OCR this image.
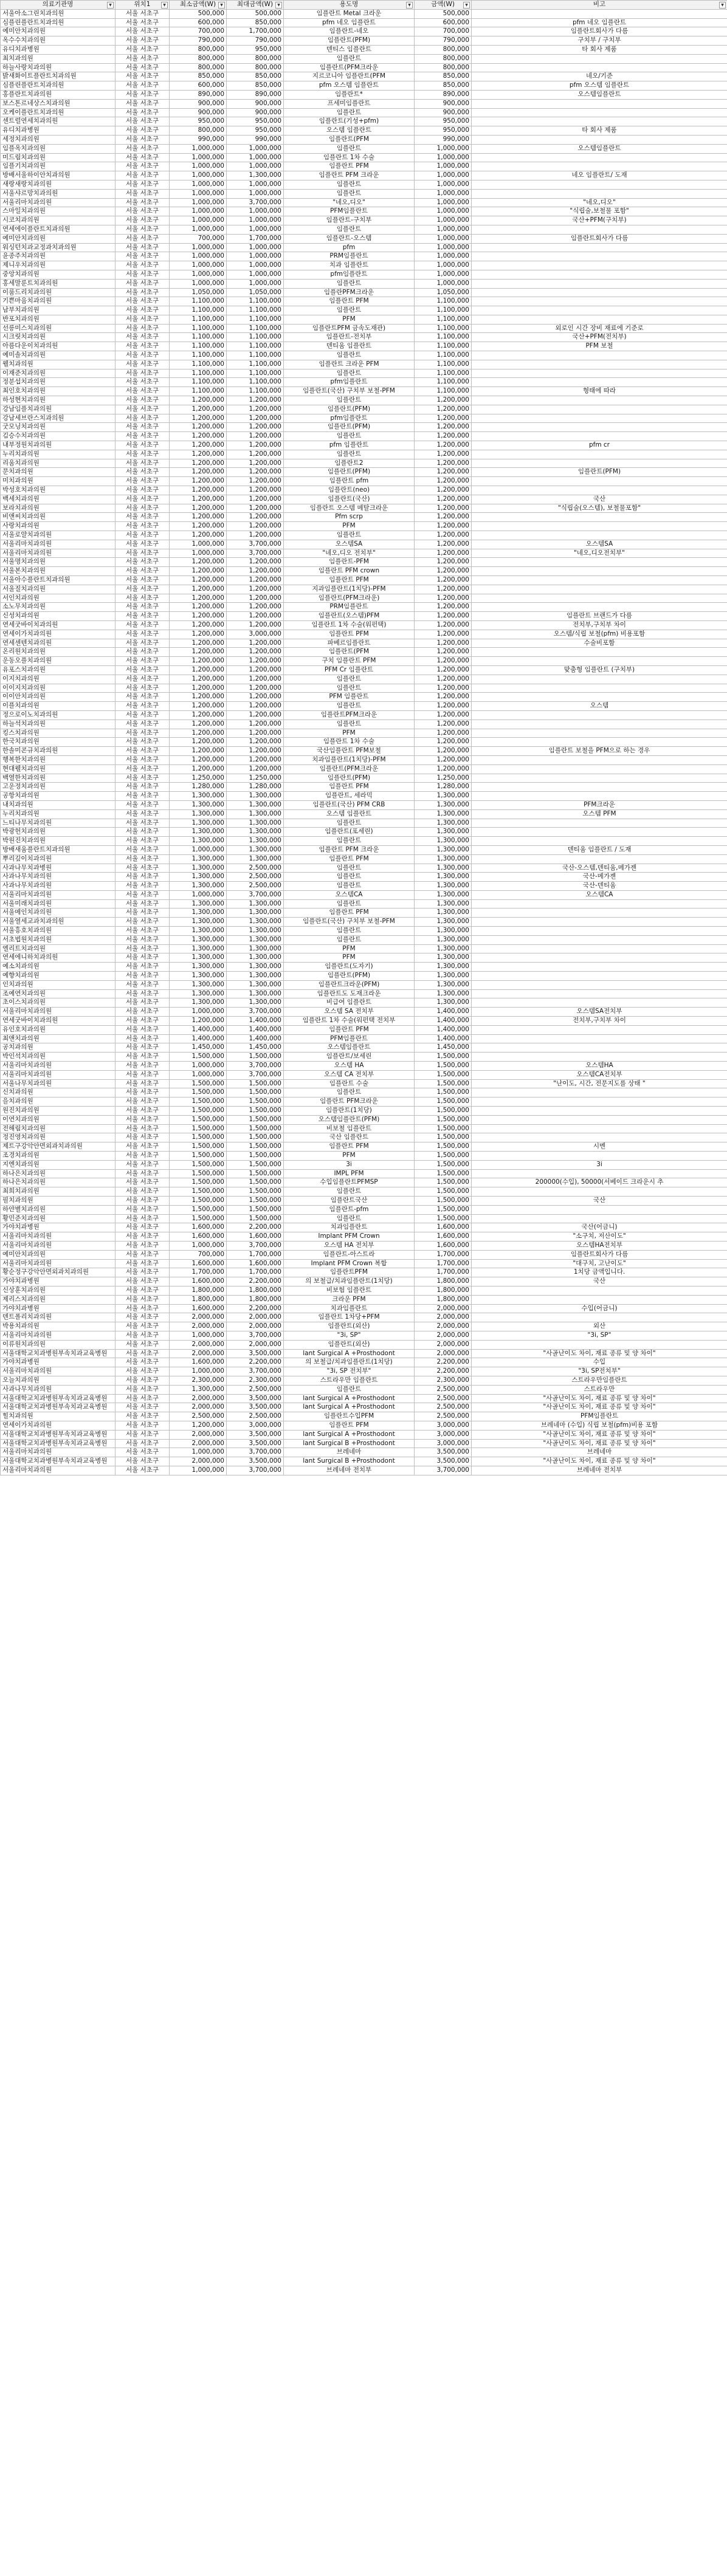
의료기관명 ▼	위치1 ▼	최소금액(W) ▼	최대금액(W) ▼	용도명 ▼	금액(W) ▼	비고 ▼

서울아소그린치과의원	서울 서초구	500,000	500,000	임플란트 Metal 크라운	500,000	
심플린플란트치과의원	서울 서초구	600,000	850,000	pfm 네오 임플란트	600,000	pfm 네오 임플란트
예미안치과의원	서울 서초구	700,000	1,700,000	임플란트-네오	700,000	임플란트회사가 다름
옥수수치과의원	서울 서초구	790,000	790,000	임플란트(PFM)	790,000	구치부 / 구치부
유디치과병원	서울 서초구	800,000	950,000	덴티스 임플란트	800,000	타 회사 제품
최치과의원	서울 서초구	800,000	800,000	임플란트	800,000	
하늘사랑치과의원	서울 서초구	800,000	800,000	임플란트(PFM크라운	800,000	
밝새화이트플란트치과의원	서울 서초구	850,000	850,000	지르코니아 임플란트(PFM	850,000	네오/기준
심플린플란트치과의원	서울 서초구	600,000	850,000	pfm 오스템 임플란트	850,000	pfm 오스템 임플란트
홍플란트치과의원	서울 서초구	890,000	890,000	임플란트*	890,000	오스템임플란트
보스톤르네상스치과의원	서울 서초구	900,000	900,000	프세미임플란트	900,000	
오케이플란트치과의원	서울 서초구	900,000	900,000	임플란트	900,000	
센트럴연세치과의원	서울 서초구	950,000	950,000	임플란트(기성+pfm)	950,000	
유디치과병원	서울 서초구	800,000	950,000	오스템 임플란트	950,000	타 회사 제품
세정치과의원	서울 서초구	990,000	990,000	임플란트(PFM	990,000	
임플옥치과의원	서울 서초구	1,000,000	1,000,000	임플란트	1,000,000	오스템임플란트
미드림치과의원	서울 서초구	1,000,000	1,000,000	임플란트 1차 수술	1,000,000	
임플기치과의원	서울 서초구	1,000,000	1,000,000	임플란트 PFM	1,000,000	
방배서울하이안치과의원	서울 서초구	1,000,000	1,300,000	임플란트 PFM 크라운	1,000,000	네오 임플란트/ 도재
새랑새랑치과의원	서울 서초구	1,000,000	1,000,000	임플란트	1,000,000	
서울샤르망치과의원	서울 서초구	1,000,000	1,000,000	임플란트	1,000,000	
서울리마치과의원	서울 서초구	1,000,000	3,700,000	"네오,디오"	1,000,000	"네오,디오"
스마일치과의원	서울 서초구	1,000,000	1,000,000	PFM임플란트	1,000,000	"식립술,보철물 포함"
시코치과의원	서울 서초구	1,000,000	1,000,000	임플란트-구치부	1,000,000	국산+PFM(구치부)
연세에이플란트치과의원	서울 서초구	1,000,000	1,000,000	임플란트	1,000,000	
예미안치과의원	서울 서초구	700,000	1,700,000	임플란트-오스템	1,000,000	임플란트회사가 다름
워싱턴치과교정과치과의원	서울 서초구	1,000,000	1,000,000	pfm	1,000,000	
윤종주치과의원	서울 서초구	1,000,000	1,000,000	PRM임플란트	1,000,000	
제니우치과의원	서울 서초구	1,000,000	1,000,000	치과 임플란트	1,000,000	
중앙치과의원	서울 서초구	1,000,000	1,000,000	pfm임플란트	1,000,000	
홍세말룬트치과의원	서울 서초구	1,000,000	1,000,000	임플란트	1,000,000	
이룸드리치과의원	서울 서초구	1,050,000	1,050,000	임플란PFM크라운	1,050,000	
기쁜마음치과의원	서울 서초구	1,100,000	1,100,000	임플란트 PFM	1,100,000	
남부치과의원	서울 서초구	1,100,000	1,100,000	임플란트	1,100,000	
반포치과의원	서울 서초구	1,100,000	1,100,000	PFM	1,100,000	
선릉미스치과의원	서울 서초구	1,100,000	1,100,000	임플란트PFM 금속도재관)	1,100,000	외로인 시간 장비 재료에 기준로
시크릿치과의원	서울 서초구	1,100,000	1,100,000	임플란트-전치부	1,100,000	국산+PFM(전치부)
아름다운이치과의원	서울 서초구	1,100,000	1,100,000	덴티움 임플란트	1,100,000	PFM 보철
예미솔치과의원	서울 서초구	1,100,000	1,100,000	임플란트	1,100,000	
웰치과의원	서울 서초구	1,100,000	1,100,000	임플란트 크라운 PFM	1,100,000	
이재준치과의원	서울 서초구	1,100,000	1,100,000	임플란트	1,100,000	
정분섭치과의원	서울 서초구	1,100,000	1,100,000	pfm임플란트	1,100,000	
최인호치과의원	서울 서초구	1,100,000	1,100,000	임플란트(국산) 구치부 보철-PFM	1,100,000	형태에 따라
하성현치과의원	서울 서초구	1,200,000	1,200,000	임플란트	1,200,000	
강남임플치과의원	서울 서초구	1,200,000	1,200,000	임플란트(PFM)	1,200,000	
강남세브란스치과의원	서울 서초구	1,200,000	1,200,000	pfm임플란트	1,200,000	
굿모닝치과의원	서울 서초구	1,200,000	1,200,000	임플란트(PFM)	1,200,000	
김승수치과의원	서울 서초구	1,200,000	1,200,000	임플란트	1,200,000	
내부정원치과의원	서울 서초구	1,200,000	1,200,000	pfm 임플란트	1,200,000	pfm cr
누리치과의원	서울 서초구	1,200,000	1,200,000	임플란트	1,200,000	
리움치과의원	서울 서초구	1,200,000	1,200,000	임플란트2	1,200,000	
문치과의원	서울 서초구	1,200,000	1,200,000	임플란트(PFM)	1,200,000	임플란트(PFM)
미치과의원	서울 서초구	1,200,000	1,200,000	임플란트 pfm	1,200,000	
박성호치과의원	서울 서초구	1,200,000	1,200,000	임플란트(neo)	1,200,000	
백세치과의원	서울 서초구	1,200,000	1,200,000	임플란트(국산)	1,200,000	국산
보라치과의원	서울 서초구	1,200,000	1,200,000	임플란트 오스템 메탈크라운	1,200,000	"식립술(오스템), 보철물포함"
비앤씨치과의원	서울 서초구	1,200,000	1,200,000	Pfm scrp	1,200,000	
사랑치과의원	서울 서초구	1,200,000	1,200,000	PFM	1,200,000	
서울로얄치과의원	서울 서초구	1,200,000	1,200,000	임플란트	1,200,000	
서울리마치과의원	서울 서초구	1,000,000	3,700,000	오스템SA	1,200,000	오스템SA
서울리마치과의원	서울 서초구	1,000,000	3,700,000	"네오,디오 전치부"	1,200,000	"네오,디오전치부"
서울명치과의원	서울 서초구	1,200,000	1,200,000	임플란트-PFM	1,200,000	
서울본치과의원	서울 서초구	1,200,000	1,200,000	임플란트 PFM crown	1,200,000	
서울아수플란트치과의원	서울 서초구	1,200,000	1,200,000	임플란트 PFM	1,200,000	
서울질치과의원	서울 서초구	1,200,000	1,200,000	지과임플란트(1치당)-PFM	1,200,000	
서인치과의원	서울 서초구	1,200,000	1,200,000	임플란트(PFM크라운)	1,200,000	
소노무치과의원	서울 서초구	1,200,000	1,200,000	PRM임플란트	1,200,000	
신성치과의원	서울 서초구	1,200,000	1,200,000	임플란트(오스템)PFM	1,200,000	임플란트 브랜드가 다름
연세굿바이치과의원	서울 서초구	1,200,000	1,200,000	임플란트 1차 수술(워펀택)	1,200,000	전치부,구치부 차이
연세이가치과의원	서울 서초구	1,200,000	3,000,000	임플란트 PFM	1,200,000	오스템/식립 보철(pfm) 비용포함
연세센텐치과의원	서울 서초구	1,200,000	1,200,000	파베르임플란트	1,200,000	수술비포함
온리원치과의원	서울 서초구	1,200,000	1,200,000	임플란트(PFM	1,200,000	
운동오플치과의원	서울 서초구	1,200,000	1,200,000	구치 임플란트 PFM	1,200,000	
유포스치과의원	서울 서초구	1,200,000	1,200,000	PFM Cr 임플란트	1,200,000	맞춤형 임플란트 (구치부)
이지치과의원	서울 서초구	1,200,000	1,200,000	임플란트	1,200,000	
이이지치과의원	서울 서초구	1,200,000	1,200,000	임플란트	1,200,000	
이이안치과의원	서울 서초구	1,200,000	1,200,000	PFM 임플란트	1,200,000	
이플치과의원	서울 서초구	1,200,000	1,200,000	임플란트	1,200,000	오스템
정으로이노치과의원	서울 서초구	1,200,000	1,200,000	임플란트PFM크라운	1,200,000	
하늘석치과의원	서울 서초구	1,200,000	1,200,000	임플란트	1,200,000	
킹스치과의원	서울 서초구	1,200,000	1,200,000	PFM	1,200,000	
한국치과의원	서울 서초구	1,200,000	1,200,000	임플란트 1차 수술	1,200,000	
한솔미콘규치과의원	서울 서초구	1,200,000	1,200,000	국산임플란트 PFM보철	1,200,000	임플란트 보철을 PFM으로 하는 경우
행복한치과의원	서울 서초구	1,200,000	1,200,000	치과임플란트(1치당)-PFM	1,200,000	
현대웰치과의원	서울 서초구	1,200,000	1,200,000	임플란트(PFM크라운	1,200,000	
백열한치과의원	서울 서초구	1,250,000	1,250,000	임플란트(PFM)	1,250,000	
고운정치과의원	서울 서초구	1,280,000	1,280,000	임플란트 PFM	1,280,000	
공항치과의원	서울 서초구	1,300,000	1,300,000	임플란트, 세라믹	1,300,000	
내치과의원	서울 서초구	1,300,000	1,300,000	임플란트(국산) PFM CRB	1,300,000	PFM크라운
누리치과의원	서울 서초구	1,300,000	1,300,000	오스템 임플란트	1,300,000	오스템 PFM
느티나무치과의원	서울 서초구	1,300,000	1,300,000	임플란트	1,300,000	
박광헌치과의원	서울 서초구	1,300,000	1,300,000	임플란트(포세린)	1,300,000	
박원진치과의원	서울 서초구	1,300,000	1,300,000	임플란트	1,300,000	
방배새움플란트치과의원	서울 서초구	1,000,000	1,300,000	임플란트 PFM 크라운	1,300,000	덴티움 임플란트 / 도재
뿌리깊이치과의원	서울 서초구	1,300,000	1,300,000	임플란트 PFM	1,300,000	
사과나무치과병원	서울 서초구	1,300,000	2,500,000	임플란트	1,300,000	국산-오스템,덴티움,메가젠
사과나무치과의원	서울 서초구	1,300,000	2,500,000	임플란트	1,300,000	국산-메가젠
사과나무치과의원	서울 서초구	1,300,000	2,500,000	임플란트	1,300,000	국산-덴티움
서울리마치과의원	서울 서초구	1,000,000	3,700,000	오스템CA	1,300,000	오스템CA
서울미래치과의원	서울 서초구	1,300,000	1,300,000	임플란트	1,300,000	
서울메인치과의원	서울 서초구	1,300,000	1,300,000	임플란트 PFM	1,300,000	
서울열세교과치과의원	서울 서초구	1,300,000	1,300,000	임플란트(국산) 구치부 보철-PFM	1,300,000	
서울흥호치과의원	서울 서초구	1,300,000	1,300,000	임플란트	1,300,000	
서초법원치과의원	서울 서초구	1,300,000	1,300,000	임플란트	1,300,000	
엘리트치과의원	서울 서초구	1,300,000	1,300,000	PFM	1,300,000	
연세에니하치과의원	서울 서초구	1,300,000	1,300,000	PFM	1,300,000	
예소치과의원	서울 서초구	1,300,000	1,300,000	임플란트(도자기)	1,300,000	
예향치과의원	서울 서초구	1,300,000	1,300,000	임플란트(PFM)	1,300,000	
인치과의원	서울 서초구	1,300,000	1,300,000	임플란트크라운(PFM)	1,300,000	
조예연치과의원	서울 서초구	1,300,000	1,300,000	임플란트도 도재크라운	1,300,000	
초이스치과의원	서울 서초구	1,300,000	1,300,000	비급여 임플란트	1,300,000	
서울리마치과의원	서울 서초구	1,000,000	3,700,000	오스템 SA 전치부	1,400,000	오스템SA전치부
연세굿바이치과의원	서울 서초구	1,200,000	1,400,000	임플란트 1차 수술(워펀택 전치부	1,400,000	전치부,구치부 차이
유인호치과의원	서울 서초구	1,400,000	1,400,000	임플란트 PFM	1,400,000	
최앤치과의원	서울 서초구	1,400,000	1,400,000	PFM임플란트	1,400,000	
공치과의원	서울 서초구	1,450,000	1,450,000	오스템임플란트	1,450,000	
박인석치과의원	서울 서초구	1,500,000	1,500,000	임플란트/보세린	1,500,000	
서울리마치과의원	서울 서초구	1,000,000	3,700,000	오스템 HA	1,500,000	오스템HA
서울리마치과의원	서울 서초구	1,000,000	3,700,000	오스템 CA 전치부	1,500,000	오스템CA전치부
서울나무치과의원	서울 서초구	1,500,000	1,500,000	임플란트 수술	1,500,000	"난이도, 시간, 전문지도를 상태 "
신치과의원	서울 서초구	1,500,000	1,500,000	임플란트	1,500,000	
을치과의원	서울 서초구	1,500,000	1,500,000	임플란트 PFM크라운	1,500,000	
원진치과의원	서울 서초구	1,500,000	1,500,000	임플란트(1치당)	1,500,000	
이연치과의원	서울 서초구	1,500,000	1,500,000	오스템임플란트(PFM)	1,500,000	
전해림치과의원	서울 서초구	1,500,000	1,500,000	비보철 임플란트	1,500,000	
정진영치과의원	서울 서초구	1,500,000	1,500,000	국산 임플란트	1,500,000	
제트구강악안면외과치과의원	서울 서초구	1,500,000	1,500,000	임플란트 PFM	1,500,000	시멘
조경치과의원	서울 서초구	1,500,000	1,500,000	PFM	1,500,000	
지엔치과의원	서울 서초구	1,500,000	1,500,000	3i	1,500,000	3i
하나은치과의원	서울 서초구	1,500,000	1,500,000	IMPL PFM	1,500,000	
하나은치과의원	서울 서초구	1,500,000	1,500,000	수입임플란트PFMSP	1,500,000	200000(수입), 50000(서베이드 크라운시 추
최희치과의원	서울 서초구	1,500,000	1,500,000	임플란트	1,500,000	
필치과의원	서울 서초구	1,500,000	1,500,000	임플란트국산	1,500,000	국산
하얀별치과의원	서울 서초구	1,500,000	1,500,000	임플란트-pfm	1,500,000	
황민준치과의원	서울 서초구	1,500,000	1,500,000	임플란트	1,500,000	
가야치과병원	서울 서초구	1,600,000	2,200,000	치과임플란트	1,600,000	국산(어금니)
서울리마치과의원	서울 서초구	1,600,000	1,600,000	Implant PFM Crown	1,600,000	"소구치, 저산이도"
서울리마치과의원	서울 서초구	1,000,000	3,700,000	오스템 HA 전치부	1,600,000	오스템HA전치부
예미안치과의원	서울 서초구	700,000	1,700,000	임플란트-아스트라	1,700,000	임플란트회사가 다름
서울리마치과의원	서울 서초구	1,600,000	1,600,000	Implant PFM Crown 복합	1,700,000	"대구치, 고난이도"
황순정구강악안면외과치과의원	서울 서초구	1,700,000	1,700,000	임플란트PFM	1,700,000	1치당 금액입니다.
가야치과병원	서울 서초구	1,600,000	2,200,000	의 보철급/치과임플란트(1치당)	1,800,000	국산
신상훈치과의원	서울 서초구	1,800,000	1,800,000	비보험 임플란트	1,800,000	
제리스치과의원	서울 서초구	1,800,000	1,800,000	크라운 PFM	1,800,000	
가야치과병원	서울 서초구	1,600,000	2,200,000	치과임플란트	2,000,000	수입(어금니)
덴트폴리치과의원	서울 서초구	2,000,000	2,000,000	임플란트 1차당+PFM	2,000,000	
박용치과의원	서울 서초구	2,000,000	2,000,000	임플란트(외산)	2,000,000	외산
서울리마치과의원	서울 서초구	1,000,000	3,700,000	"3i, SP"	2,000,000	"3i, SP"
이류원치과의원	서울 서초구	2,000,000	2,000,000	임플란트(외산)	2,000,000	
서울대학교치과병원부속치과교육병원	서울 서초구	2,000,000	3,500,000	lant Surgical A +Prosthodont	2,000,000	"사골난이도 차이, 재료 종류 및 양 차이"
가야치과병원	서울 서초구	1,600,000	2,200,000	의 보철급/치과임플란트(1치당)	2,200,000	수입
서울리마치과의원	서울 서초구	1,000,000	3,700,000	"3i, SP 전치부"	2,200,000	"3i, SP전치부"
오늘치과의원	서울 서초구	2,300,000	2,300,000	스트라우만 임플란트	2,300,000	스트라우만임플란트
사과나무치과의원	서울 서초구	1,300,000	2,500,000	임플란트	2,500,000	스트라우만
서울대학교치과병원부속치과교육병원	서울 서초구	2,000,000	3,500,000	lant Surgical A +Prosthodont	2,500,000	"사골난이도 차이, 재료 종류 및 양 차이"
서울대학교치과병원부속치과교육병원	서울 서초구	2,000,000	3,500,000	lant Surgical A +Prosthodont	2,500,000	"사골난이도 차이, 재료 종류 및 양 차이"
힐치과의원	서울 서초구	2,500,000	2,500,000	임플란트수입PFM	2,500,000	PFM임플란트
연세이가치과의원	서울 서초구	1,200,000	3,000,000	임플란트 PFM	3,000,000	브레네마 (수입) 식립 보철(pfm)비용 포함
서울대학교치과병원부속치과교육병원	서울 서초구	2,000,000	3,500,000	lant Surgical A +Prosthodont	3,000,000	"사골난이도 차이, 재료 종류 및 양 차이"
서울대학교치과병원부속치과교육병원	서울 서초구	2,000,000	3,500,000	lant Surgical B +Prosthodont	3,000,000	"사골난이도 차이, 재료 종류 및 양 차이"
서울리마치과의원	서울 서초구	1,000,000	3,700,000	브레네마	3,500,000	브레네마
서울대학교치과병원부속치과교육병원	서울 서초구	2,000,000	3,500,000	lant Surgical B +Prosthodont	3,500,000	"사골난이도 차이, 재료 종류 및 양 차이"
서울리마치과의원	서울 서초구	1,000,000	3,700,000	브레네마 전치부	3,700,000	브레네마 전치부
